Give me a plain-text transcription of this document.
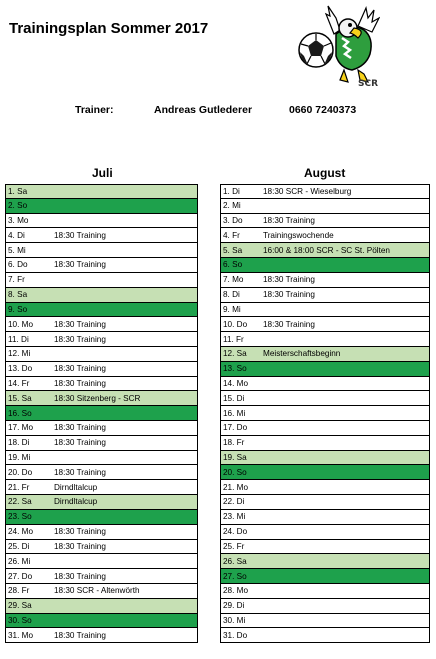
Trainingsplan Sommer 2017
SCR
Trainer:	Andreas Gutlederer	0660 7240373
Juli	August
1. Sa
2. So
3. Mo
4. Di	18:30 Training
5. Mi
6. Do	18:30 Training
7. Fr
8. Sa
9. So
10. Mo	18:30 Training
11. Di	18:30 Training
12. Mi
13. Do	18:30 Training
14. Fr	18:30 Training
15. Sa	18:30 Sitzenberg - SCR
16. So
17. Mo	18:30 Training
18. Di	18:30 Training
19. Mi
20. Do	18:30 Training
21. Fr	Dirndltalcup
22. Sa	Dirndltalcup
23. So
24. Mo	18:30 Training
25. Di	18:30 Training
26. Mi
27. Do	18:30 Training
28. Fr	18:30 SCR - Altenwörth
29. Sa
30. So
31. Mo	18:30 Training
1. Di	18:30 SCR - Wieselburg
2. Mi
3. Do 18:30 Training
4. Fr	Trainingswochende
5. Sa	16:00 & 18:00 SCR - SC St. Pölten
6. So
7. Mo 18:30 Training
8. Di	18:30 Training
9. Mi
10. Do 18:30 Training
11. Fr
12. Sa Meisterschaftsbeginn
13. So
14. Mo
15. Di
16. Mi
17. Do
18. Fr
19. Sa
20. So
21. Mo
22. Di
23. Mi
24. Do
25. Fr
26. Sa
27. So
28. Mo
29. Di
30. Mi
31. Do
